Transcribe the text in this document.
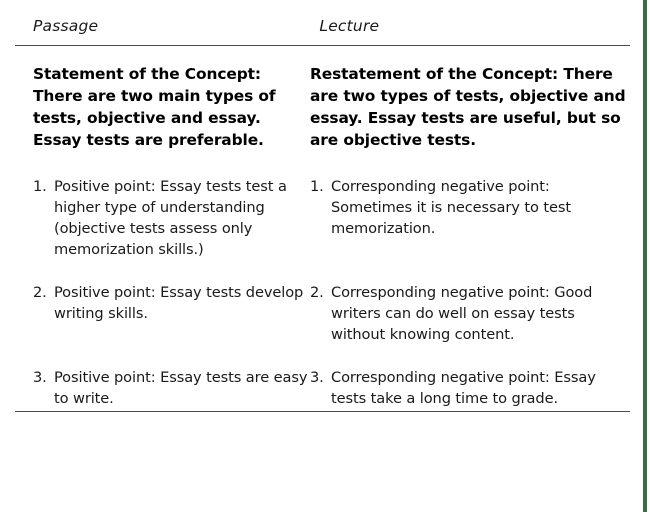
Passage	Lecture
Statement of the Concept: There are two main types of tests, objective and essay. Essay tests are preferable.
1. Positive point: Essay tests test a higher type of understanding (objective tests assess only memorization skills.)
2. Positive point: Essay tests develop writing skills.
3. Positive point: Essay tests are easy to write.
Restatement of the Concept: There are two types of tests, objective and essay. Essay tests are useful, but so are objective tests.
1. Corresponding negative point: Sometimes it is necessary to test memorization.
2. Corresponding negative point: Good writers can do well on essay tests without knowing content.
3. Corresponding negative point: Essay tests take a long time to grade.
